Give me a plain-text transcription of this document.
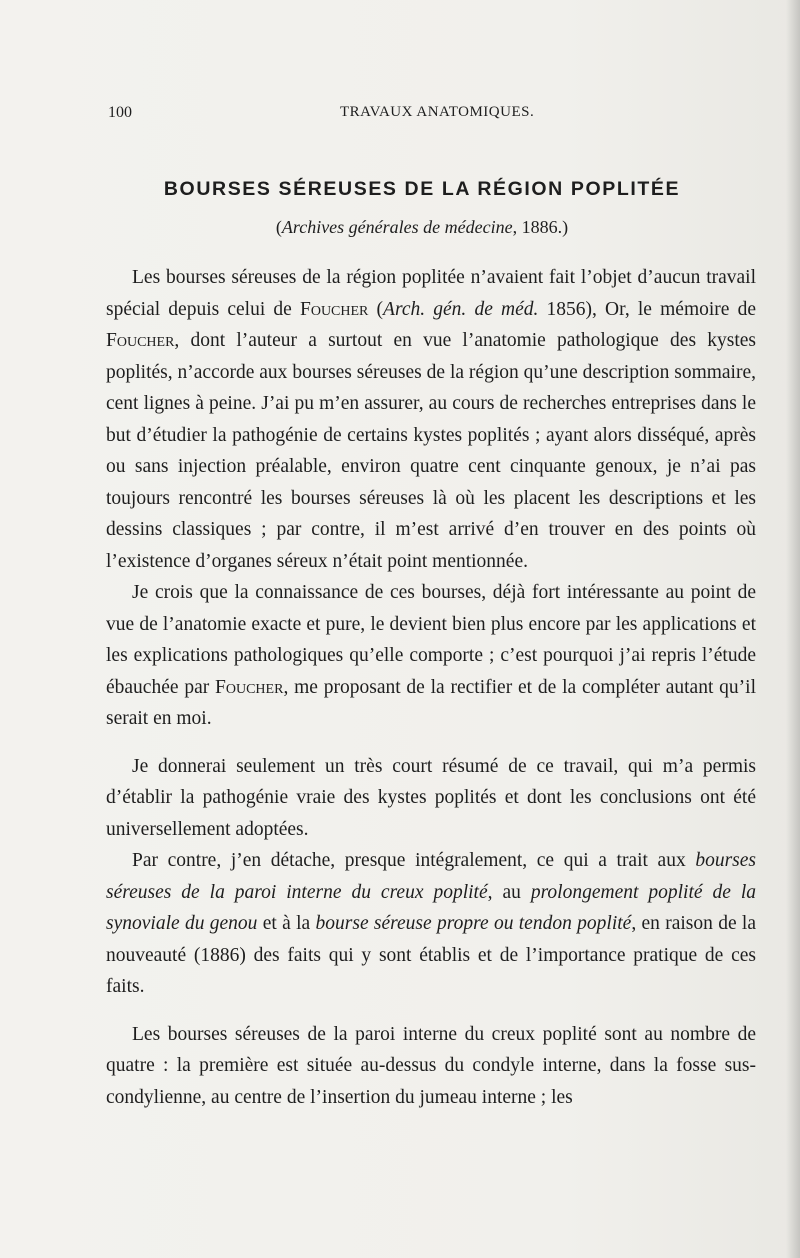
100	TRAVAUX ANATOMIQUES.
BOURSES SÉREUSES DE LA RÉGION POPLITÉE
(Archives générales de médecine, 1886.)

Les bourses séreuses de la région poplitée n’avaient fait l’objet d’aucun travail spécial depuis celui de Foucher (Arch. gén. de méd. 1856), Or, le mémoire de Foucher, dont l’auteur a surtout en vue l’anatomie pathologique des kystes poplités, n’accorde aux bourses séreuses de la région qu’une description sommaire, cent lignes à peine. J’ai pu m’en assurer, au cours de recherches entreprises dans le but d’étudier la pathogénie de certains kystes poplités ; ayant alors disséqué, après ou sans injection préalable, environ quatre cent cinquante genoux, je n’ai pas toujours rencontré les bourses séreuses là où les placent les descriptions et les dessins classiques ; par contre, il m’est arrivé d’en trouver en des points où l’existence d’organes séreux n’était point mentionnée.

Je crois que la connaissance de ces bourses, déjà fort intéressante au point de vue de l’anatomie exacte et pure, le devient bien plus encore par les applications et les explications pathologiques qu’elle comporte ; c’est pourquoi j’ai repris l’étude ébauchée par Foucher, me proposant de la rectifier et de la compléter autant qu’il serait en moi.

Je donnerai seulement un très court résumé de ce travail, qui m’a permis d’établir la pathogénie vraie des kystes poplités et dont les conclusions ont été universellement adoptées.

Par contre, j’en détache, presque intégralement, ce qui a trait aux bourses séreuses de la paroi interne du creux poplité, au prolongement poplité de la synoviale du genou et à la bourse séreuse propre ou tendon poplité, en raison de la nouveauté (1886) des faits qui y sont établis et de l’importance pratique de ces faits.

Les bourses séreuses de la paroi interne du creux poplité sont au nombre de quatre : la première est située au-dessus du condyle interne, dans la fosse sus-condylienne, au centre de l’insertion du jumeau interne ; les
